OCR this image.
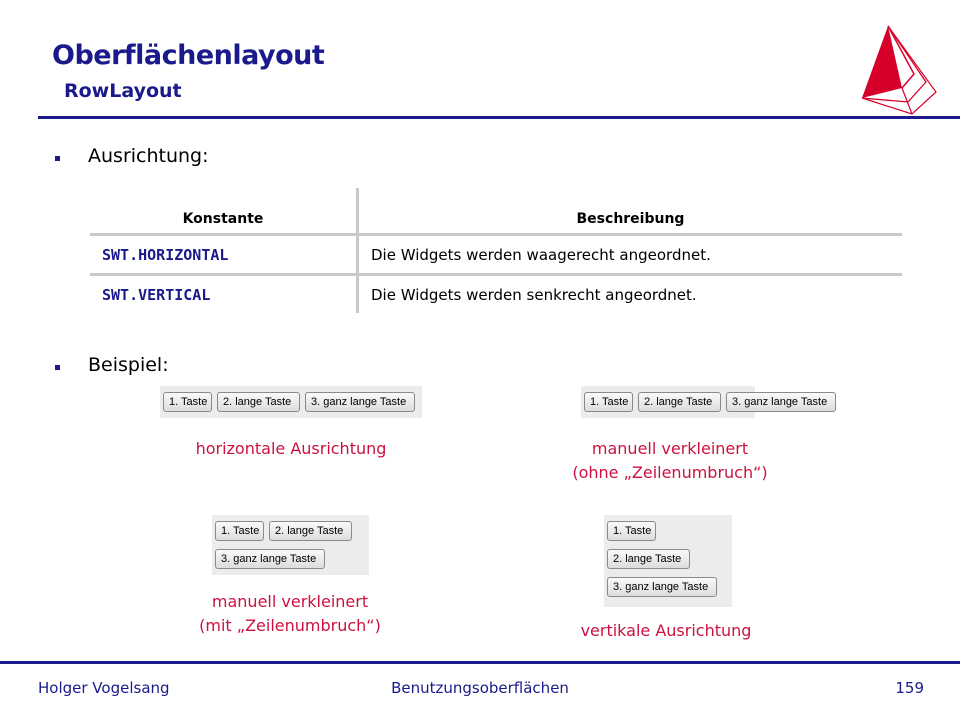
Oberflächenlayout
RowLayout
Ausrichtung:
Konstante	Beschreibung
SWT.HORIZONTAL	Die Widgets werden waagerecht angeordnet.
SWT.VERTICAL	Die Widgets werden senkrecht angeordnet.
Beispiel:
1. Taste	2. lange Taste	3. ganz lange Taste
horizontale Ausrichtung
1. Taste	2. lange Taste	3. ganz lange Taste
manuell verkleinert
(ohne „Zeilenumbruch“)
1. Taste	2. lange Taste
3. ganz lange Taste
manuell verkleinert
(mit „Zeilenumbruch“)
1. Taste
2. lange Taste
3. ganz lange Taste
vertikale Ausrichtung
Holger Vogelsang	Benutzungsoberflächen	159
